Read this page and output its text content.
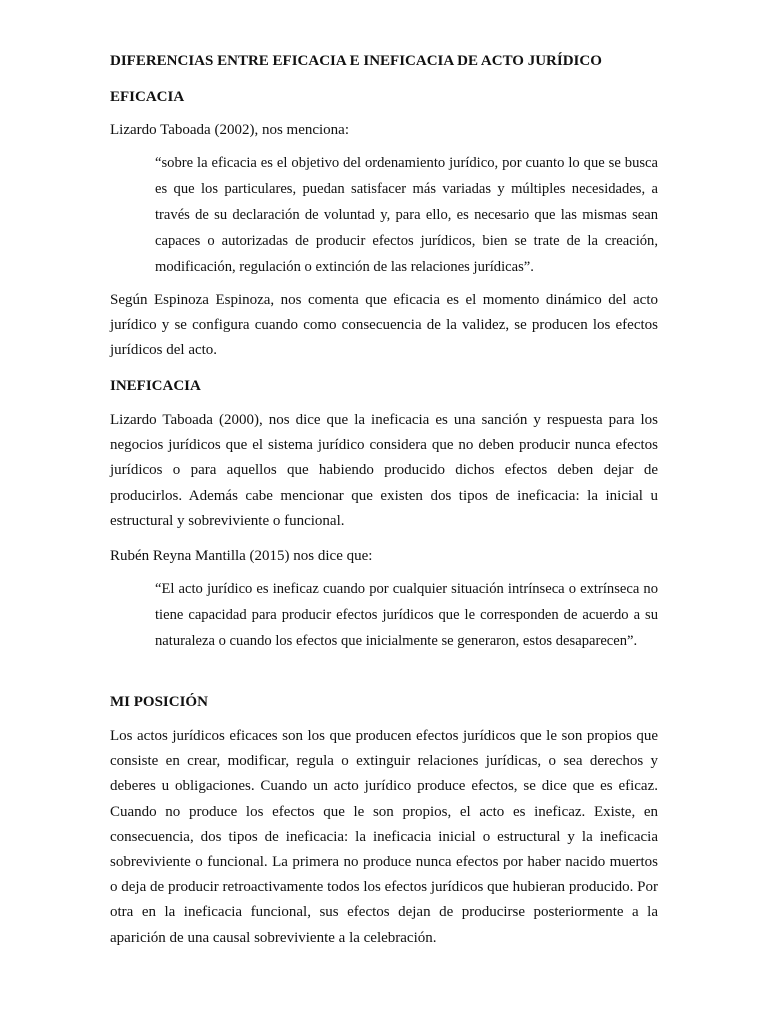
DIFERENCIAS ENTRE EFICACIA E INEFICACIA DE ACTO JURÍDICO
EFICACIA

Lizardo Taboada (2002), nos menciona:

“sobre la eficacia es el objetivo del ordenamiento jurídico, por cuanto lo que se busca es que los particulares, puedan satisfacer más variadas y múltiples necesidades, a través de su declaración de voluntad y, para ello, es necesario que las mismas sean capaces o autorizadas de producir efectos jurídicos, bien se trate de la creación, modificación, regulación o extinción de las relaciones jurídicas”.

Según Espinoza Espinoza, nos comenta que eficacia es el momento dinámico del acto jurídico y se configura cuando como consecuencia de la validez, se producen los efectos jurídicos del acto.

INEFICACIA

Lizardo Taboada (2000), nos dice que la ineficacia es una sanción y respuesta para los negocios jurídicos que el sistema jurídico considera que no deben producir nunca efectos jurídicos o para aquellos que habiendo producido dichos efectos deben dejar de producirlos. Además cabe mencionar que existen dos tipos de ineficacia: la inicial u estructural y sobreviviente o funcional.

Rubén Reyna Mantilla (2015) nos dice que:

“El acto jurídico es ineficaz cuando por cualquier situación intrínseca o extrínseca no tiene capacidad para producir efectos jurídicos que le corresponden de acuerdo a su naturaleza o cuando los efectos que inicialmente se generaron, estos desaparecen”.

MI POSICIÓN

Los actos jurídicos eficaces son los que producen efectos jurídicos que le son propios que consiste en crear, modificar, regula o extinguir relaciones jurídicas, o sea derechos y deberes u obligaciones. Cuando un acto jurídico produce efectos, se dice que es eficaz. Cuando no produce los efectos que le son propios, el acto es ineficaz. Existe, en consecuencia, dos tipos de ineficacia: la ineficacia inicial o estructural y la ineficacia sobreviviente o funcional. La primera no produce nunca efectos por haber nacido muertos o deja de producir retroactivamente todos los efectos jurídicos que hubieran producido. Por otra en la ineficacia funcional, sus efectos dejan de producirse posteriormente a la aparición de una causal sobreviviente a la celebración.
